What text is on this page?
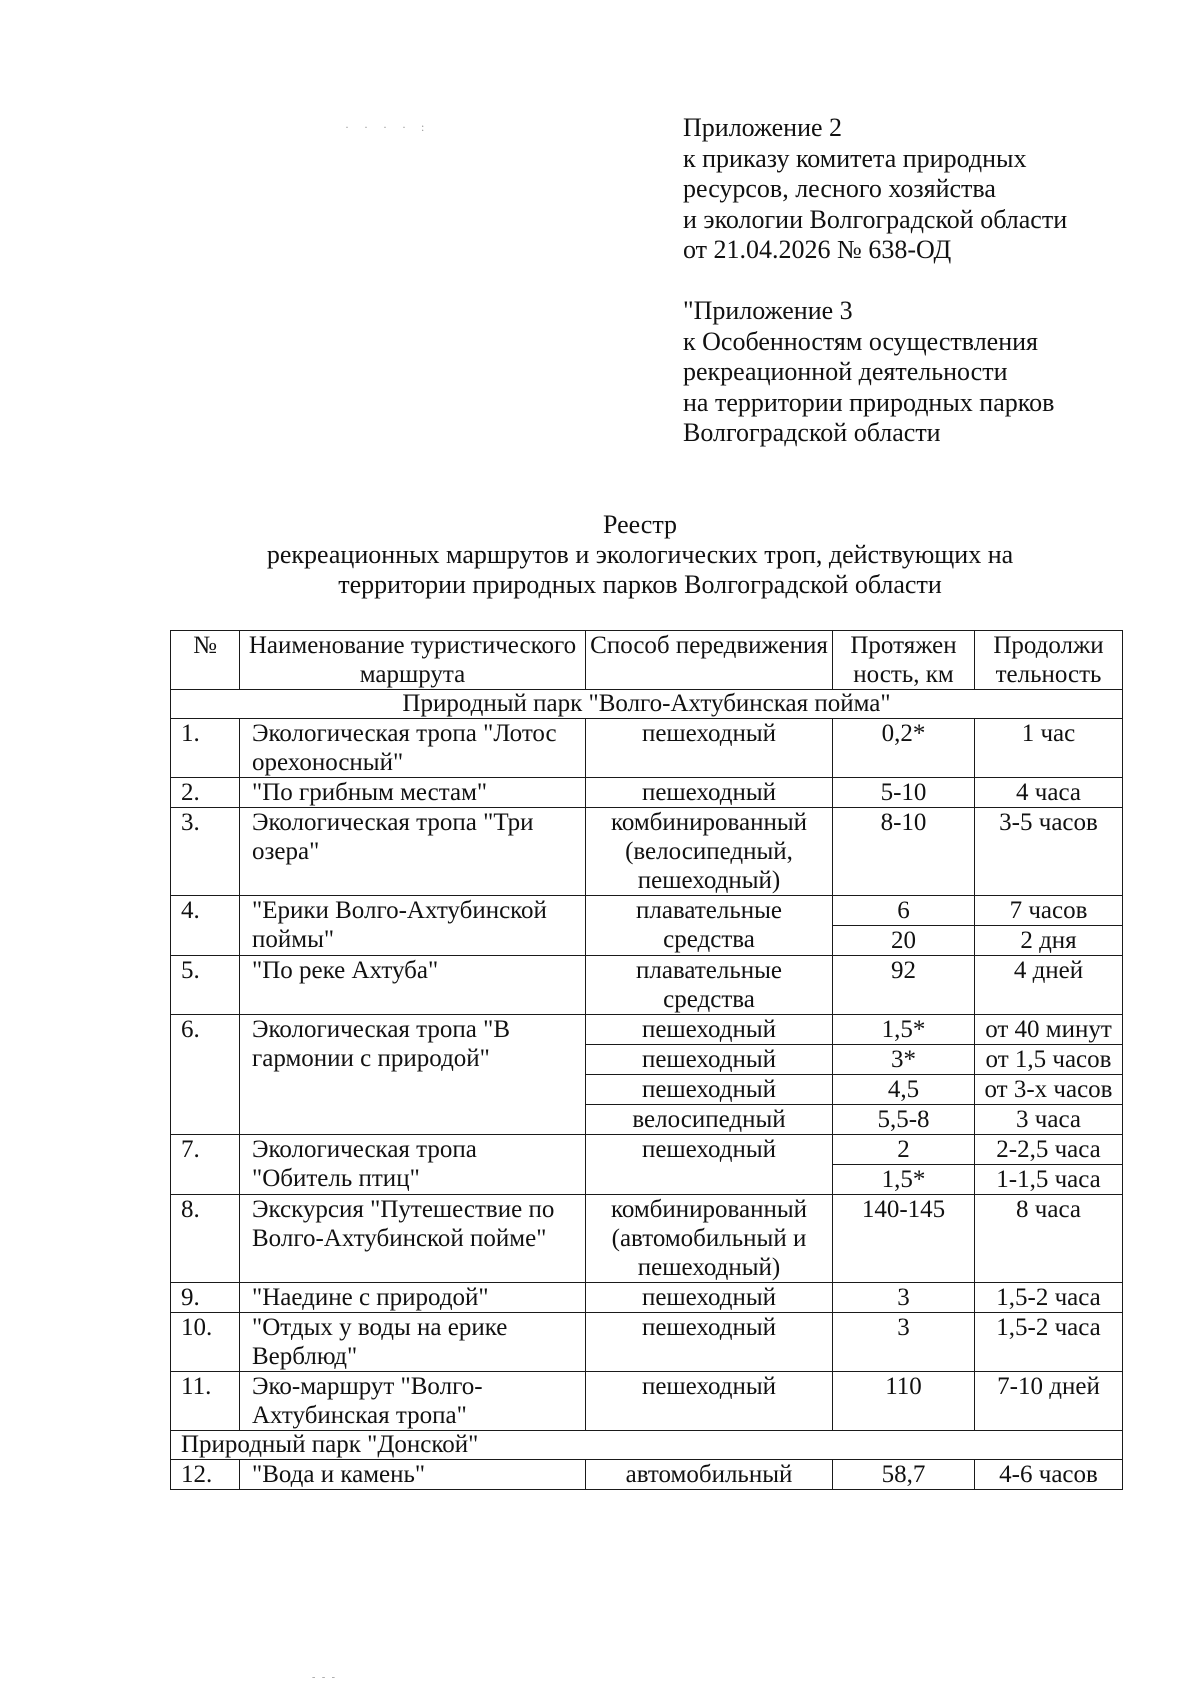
· · · · :	Приложение 2
к приказу комитета природных
ресурсов, лесного хозяйства
и экологии Волгоградской области
от 21.04.2026 № 638-ОД
"Приложение 3
к Особенностям осуществления
рекреационной деятельности
на территории природных парков
Волгоградской области
Реестр
рекреационных маршрутов и экологических троп, действующих на
территории природных парков Волгоградской области
№	Наименование туристического маршрута	Способ передвижения	Протяжен ность, км	Продолжи тельность
Природный парк "Волго-Ахтубинская пойма"				
1.	Экологическая тропа "Лотос орехоносный"	пешеходный	0,2*	1 час
2.	"По грибным местам"	пешеходный	5-10	4 часа
3.	Экологическая тропа "Три озера"	комбинированный (велосипедный, пешеходный)	8-10	3-5 часов
4.	"Ерики Волго-Ахтубинской поймы"	плавательные средства	6	7 часов
			20	2 дня
5.	"По реке Ахтуба"	плавательные средства	92	4 дней
6.	Экологическая тропа "В гармонии с природой"	пешеходный	1,5*	от 40 минут
		пешеходный	3*	от 1,5 часов
		пешеходный	4,5	от 3-х часов
		велосипедный	5,5-8	3 часа
7.	Экологическая тропа "Обитель птиц"	пешеходный	2	2-2,5 часа
			1,5*	1-1,5 часа
8.	Экскурсия "Путешествие по Волго-Ахтубинской пойме"	комбинированный (автомобильный и пешеходный)	140-145	8 часа
9.	"Наедине с природой"	пешеходный	3	1,5-2 часа
10.	"Отдых у воды на ерике Верблюд"	пешеходный	3	1,5-2 часа
11.	Эко-маршрут "Волго-Ахтубинская тропа"	пешеходный	110	7-10 дней
Природный парк "Донской"				
12.	"Вода и камень"	автомобильный	58,7	4-6 часов
- - -
